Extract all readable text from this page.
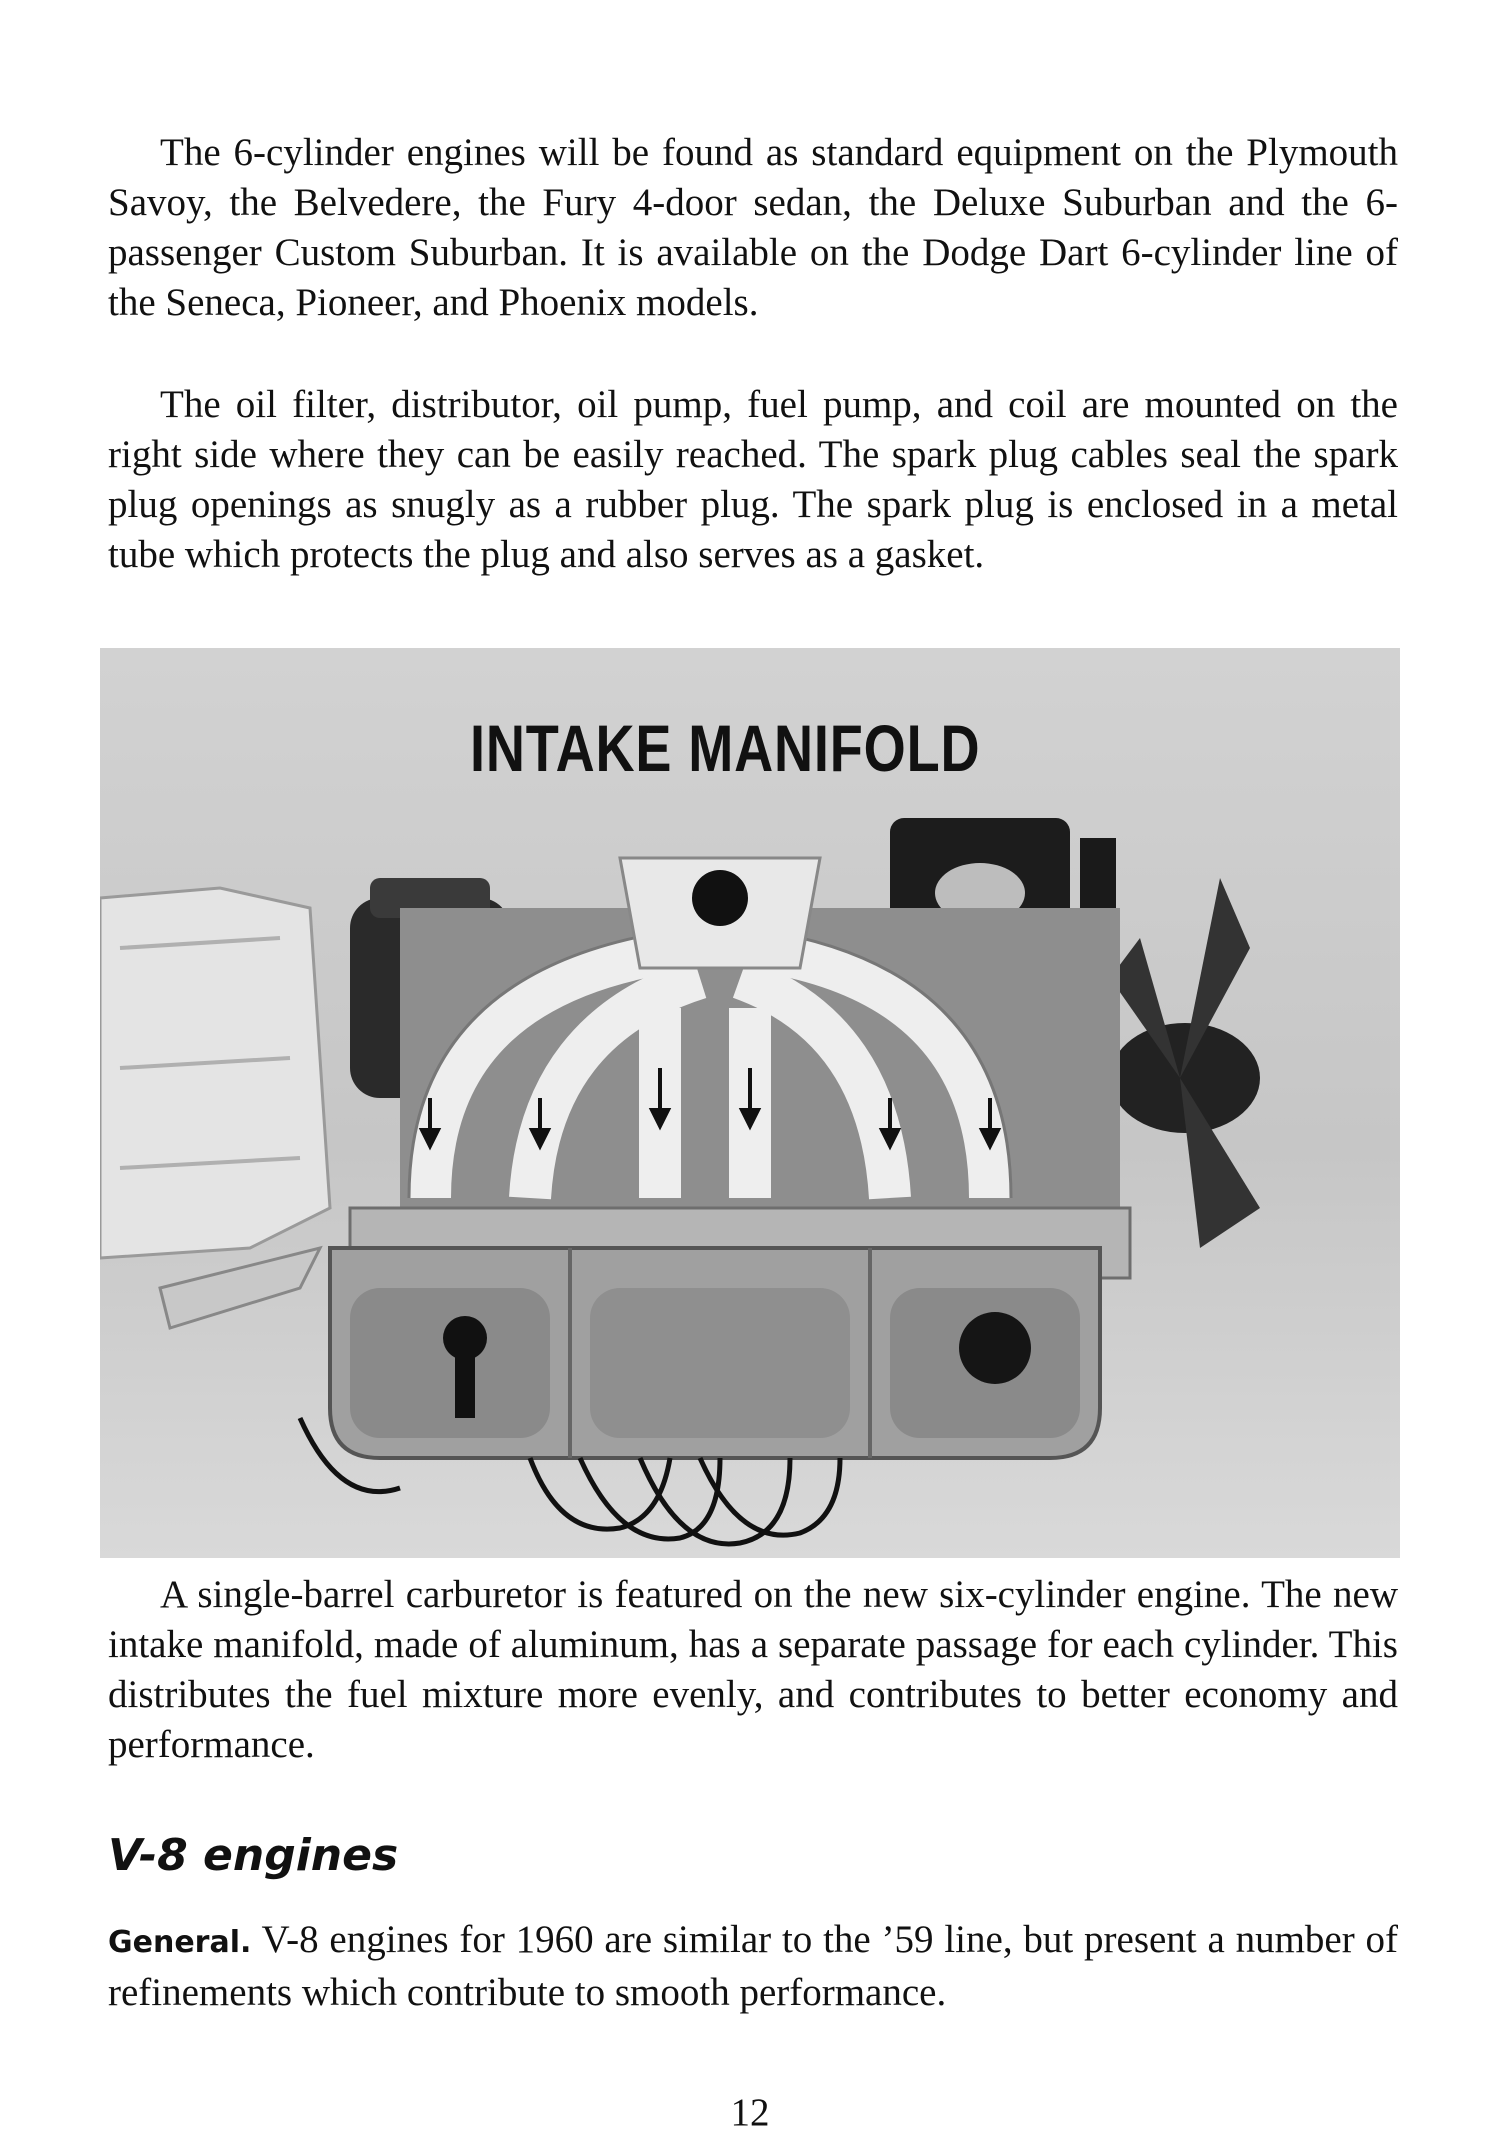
The 6-cylinder engines will be found as standard equipment on the Plymouth Savoy, the Belvedere, the Fury 4-door sedan, the Deluxe Suburban and the 6-passenger Custom Suburban. It is available on the Dodge Dart 6-cylinder line of the Seneca, Pioneer, and Phoenix models.

The oil filter, distributor, oil pump, fuel pump, and coil are mounted on the right side where they can be easily reached. The spark plug cables seal the spark plug openings as snugly as a rubber plug. The spark plug is enclosed in a metal tube which protects the plug and also serves as a gasket.

INTAKE MANIFOLD

A single-barrel carburetor is featured on the new six-cylinder engine. The new intake manifold, made of aluminum, has a separate passage for each cylinder. This distributes the fuel mixture more evenly, and contributes to better economy and performance.

V-8 engines

General. V-8 engines for 1960 are similar to the ’59 line, but present a number of refinements which contribute to smooth performance.

12
